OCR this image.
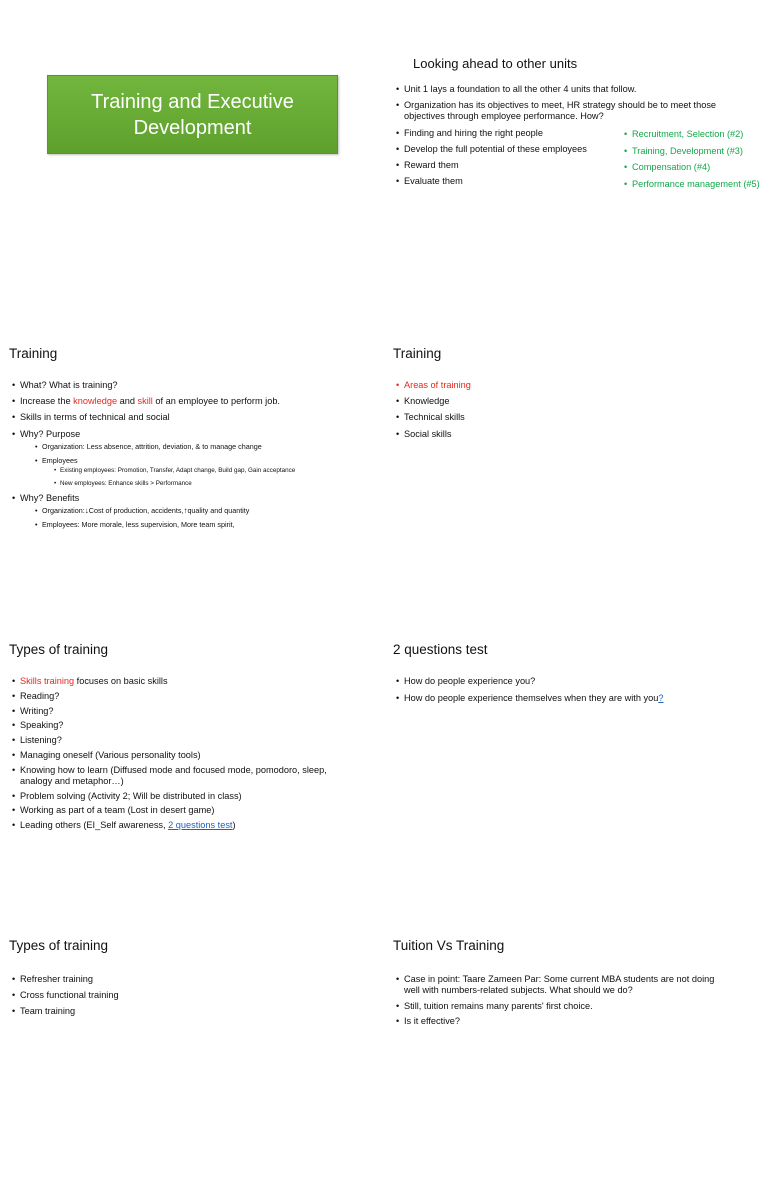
Training and Executive
Development
Looking ahead to other units
• Unit 1 lays a foundation to all the other 4 units that follow.
• Organization has its objectives to meet, HR strategy should be to meet those objectives through employee performance. How?
• Finding and hiring the right people
• Develop the full potential of these employees
• Reward them
• Evaluate them
• Recruitment, Selection (#2)
• Training, Development (#3)
• Compensation (#4)
• Performance management (#5)
Training
• What? What is training?
• Increase the knowledge and skill of an employee to perform job.
• Skills in terms of technical and social
• Why? Purpose
• Organization: Less absence, attrition, deviation, & to manage change
• Employees
• Existing employees: Promotion, Transfer, Adapt change, Build gap, Gain acceptance
• New employees: Enhance skills > Performance
• Why? Benefits
• Organization:↓Cost of production, accidents,↑quality and quantity
• Employees: More morale, less supervision, More team spirit,
Training
• Areas of training
• Knowledge
• Technical skills
• Social skills
Types of training
• Skills training focuses on basic skills
• Reading?
• Writing?
• Speaking?
• Listening?
• Managing oneself (Various personality tools)
• Knowing how to learn (Diffused mode and focused mode, pomodoro, sleep, analogy and metaphor…)
• Problem solving (Activity 2; Will be distributed in class)
• Working as part of a team (Lost in desert game)
• Leading others (EI_Self awareness, 2 questions test)
2 questions test
• How do people experience you?
• How do people experience themselves when they are with you?
Types of training
• Refresher training
• Cross functional training
• Team training
Tuition Vs Training
• Case in point: Taare Zameen Par: Some current MBA students are not doing well with numbers-related subjects. What should we do?
• Still, tuition remains many parents' first choice.
• Is it effective?
